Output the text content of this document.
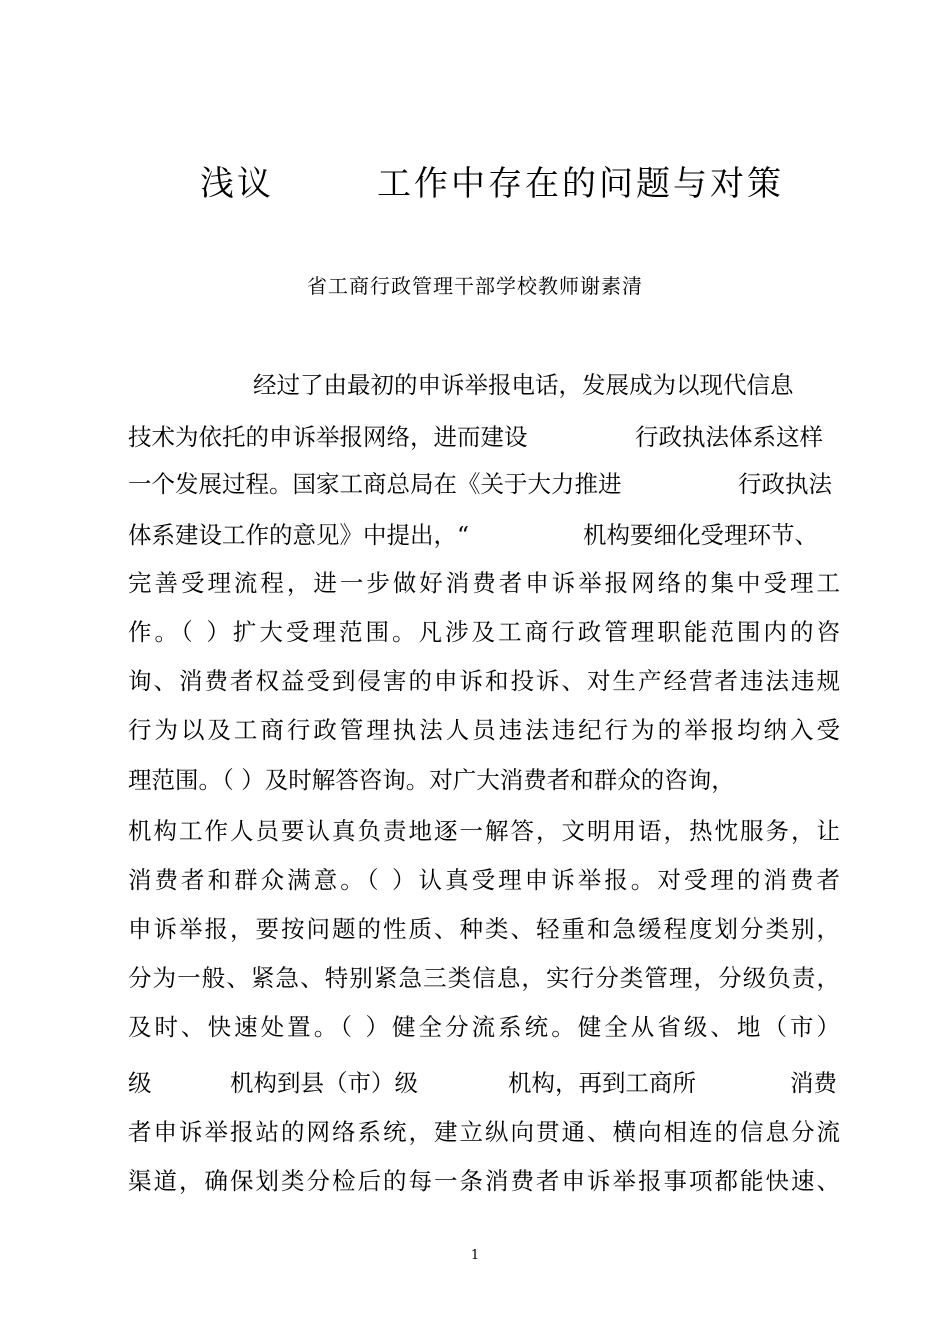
浅议	工作中存在的问题与对策
省工商行政管理干部学校教师谢素清
经过了由最初的申诉举报电话，发展成为以现代信息
技术为依托的申诉举报网络，进而建设	行政执法体系这样
一个发展过程。国家工商总局在《关于大力推进	行政执法
体系建设工作的意见》中提出，“	机构要细化受理环节、
完善受理流程，进一步做好消费者申诉举报网络的集中受理工
作。（ ）扩大受理范围。凡涉及工商行政管理职能范围内的咨
询、消费者权益受到侵害的申诉和投诉、对生产经营者违法违规
行为以及工商行政管理执法人员违法违纪行为的举报均纳入受
理范围。（ ）及时解答咨询。对广大消费者和群众的咨询，
机构工作人员要认真负责地逐一解答，文明用语，热忱服务，让
消费者和群众满意。（ ）认真受理申诉举报。对受理的消费者
申诉举报，要按问题的性质、种类、轻重和急缓程度划分类别，
分为一般、紧急、特别紧急三类信息，实行分类管理，分级负责，
及时、快速处置。（ ）健全分流系统。健全从省级、地（市）
级	机构到县（市）级	机构，再到工商所	消费
者申诉举报站的网络系统，建立纵向贯通、横向相连的信息分流
渠道，确保划类分检后的每一条消费者申诉举报事项都能快速、
1
